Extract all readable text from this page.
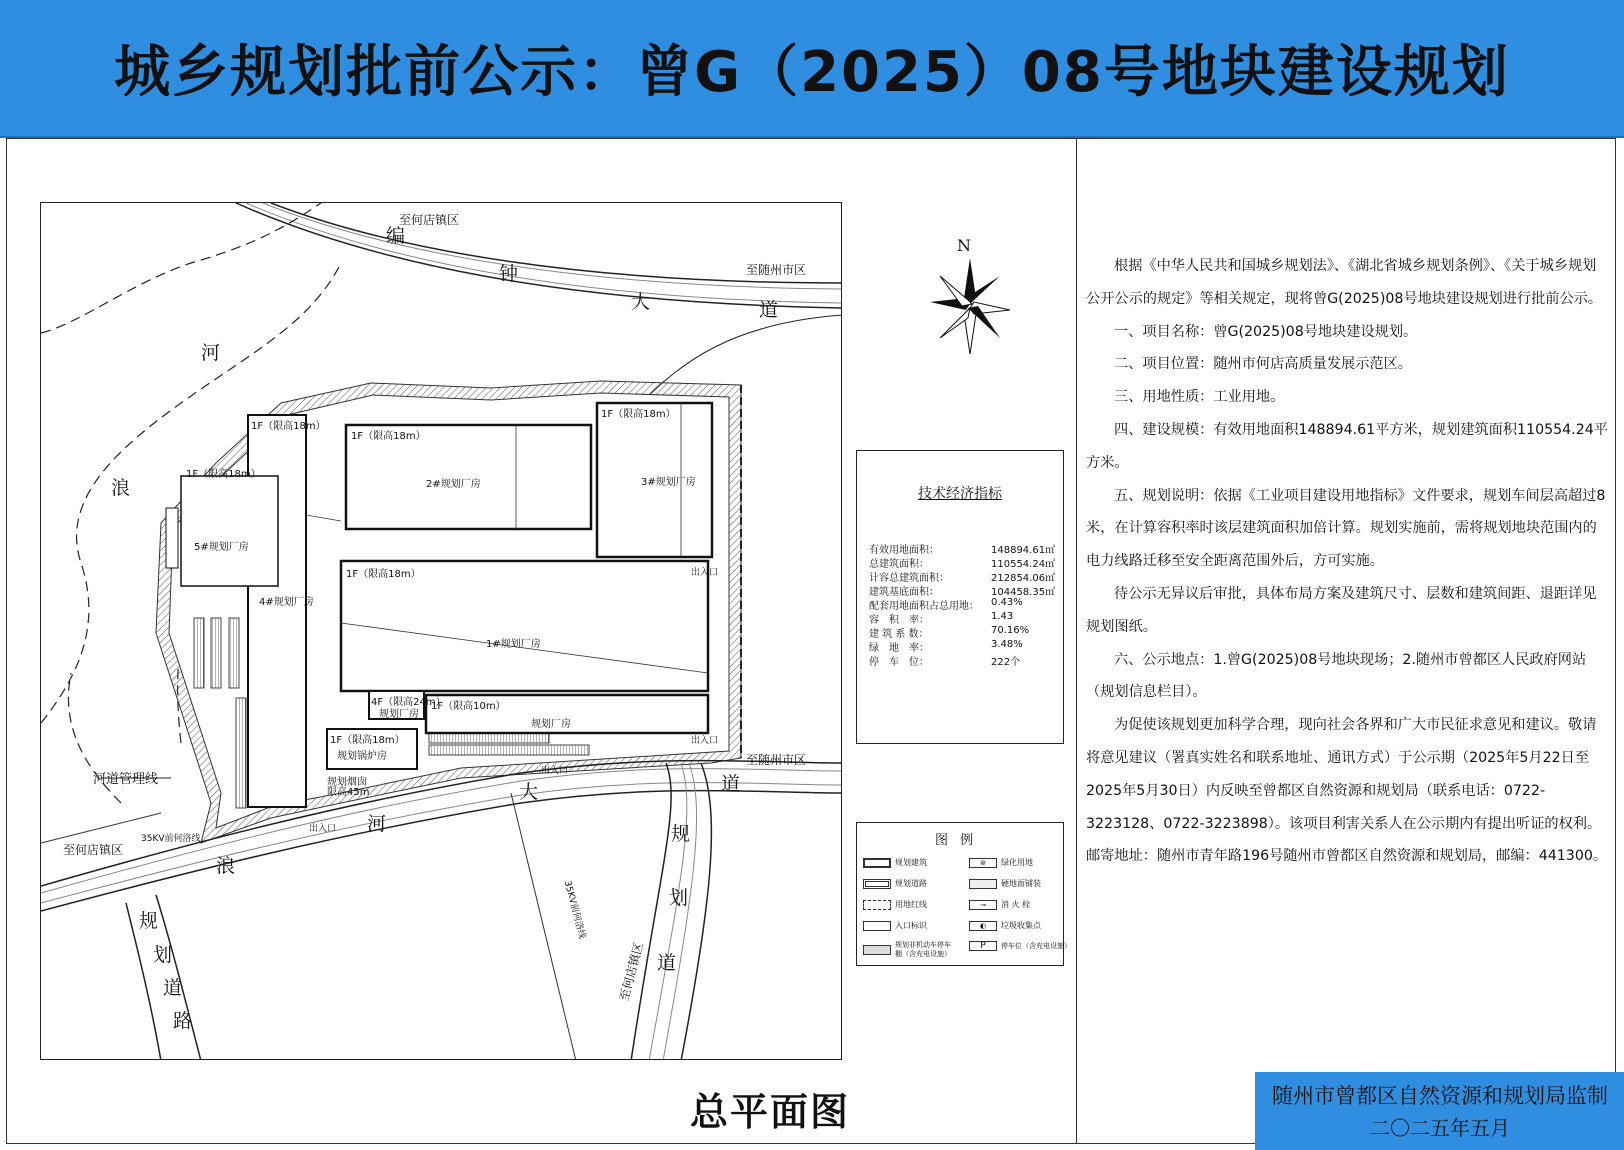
城乡规划批前公示：曾G（2025）08号地块建设规划
至何店镇区
至随州市区
编
钟
大	道
河
浪
河道管理线
至何店镇区
35KV前何洛线
35KV前何洛线
浪
河
大	道
至随州市区
规
划
道
至何店镇区
规
划
道
路
出入口
出入口
出入口
出入口
1F（限高18m）
4#规划厂房
1F（限高18m）
5#规划厂房
1F（限高18m）
2#规划厂房
1F（限高18m）
3#规划厂房
1F（限高18m）
1#规划厂房
4F（限高24m）
规划厂房
1F（限高10m）
规划厂房
1F（限高18m）
规划锅炉房
规划烟囱
限高45m
总平面图
N
技术经济指标
有效用地面积：	148894.61㎡
总建筑面积：	110554.24㎡
计容总建筑面积：	212854.06㎡
建筑基底面积：	104458.35㎡
配套用地面积占总用地： 0.43%
容　积　率：	1.43
建 筑 系 数：	70.16%
绿　地　率：	3.48%
停　车　位：	222个
图例
规划建筑	⊛	绿化用地
规划道路	硬地面铺装
用地红线	⊸	消 火 栓
入口标识	◐	垃圾收集点
规划非机动车停车棚（含充电设施）
P	停车位（含充电设施）

根据《中华人民共和国城乡规划法》、《湖北省城乡规划条例》、《关于城乡规划公开公示的规定》等相关规定，现将曾G(2025)08号地块建设规划进行批前公示。

一、项目名称：曾G(2025)08号地块建设规划。

二、项目位置：随州市何店高质量发展示范区。

三、用地性质：工业用地。

四、建设规模：有效用地面积148894.61平方米，规划建筑面积110554.24平方米。

五、规划说明：依据《工业项目建设用地指标》文件要求，规划车间层高超过8米，在计算容积率时该层建筑面积加倍计算。规划实施前，需将规划地块范围内的电力线路迁移至安全距离范围外后，方可实施。

待公示无异议后审批，具体布局方案及建筑尺寸、层数和建筑间距、退距详见规划图纸。

六、公示地点：1.曾G(2025)08号地块现场；2.随州市曾都区人民政府网站（规划信息栏目）。

为促使该规划更加科学合理，现向社会各界和广大市民征求意见和建议。敬请将意见建议（署真实姓名和联系地址、通讯方式）于公示期（2025年5月22日至2025年5月30日）内反映至曾都区自然资源和规划局（联系电话：0722-3223128、0722-3223898）。该项目利害关系人在公示期内有提出听证的权利。邮寄地址：随州市青年路196号随州市曾都区自然资源和规划局，邮编：441300。

随州市曾都区自然资源和规划局监制
二〇二五年五月
